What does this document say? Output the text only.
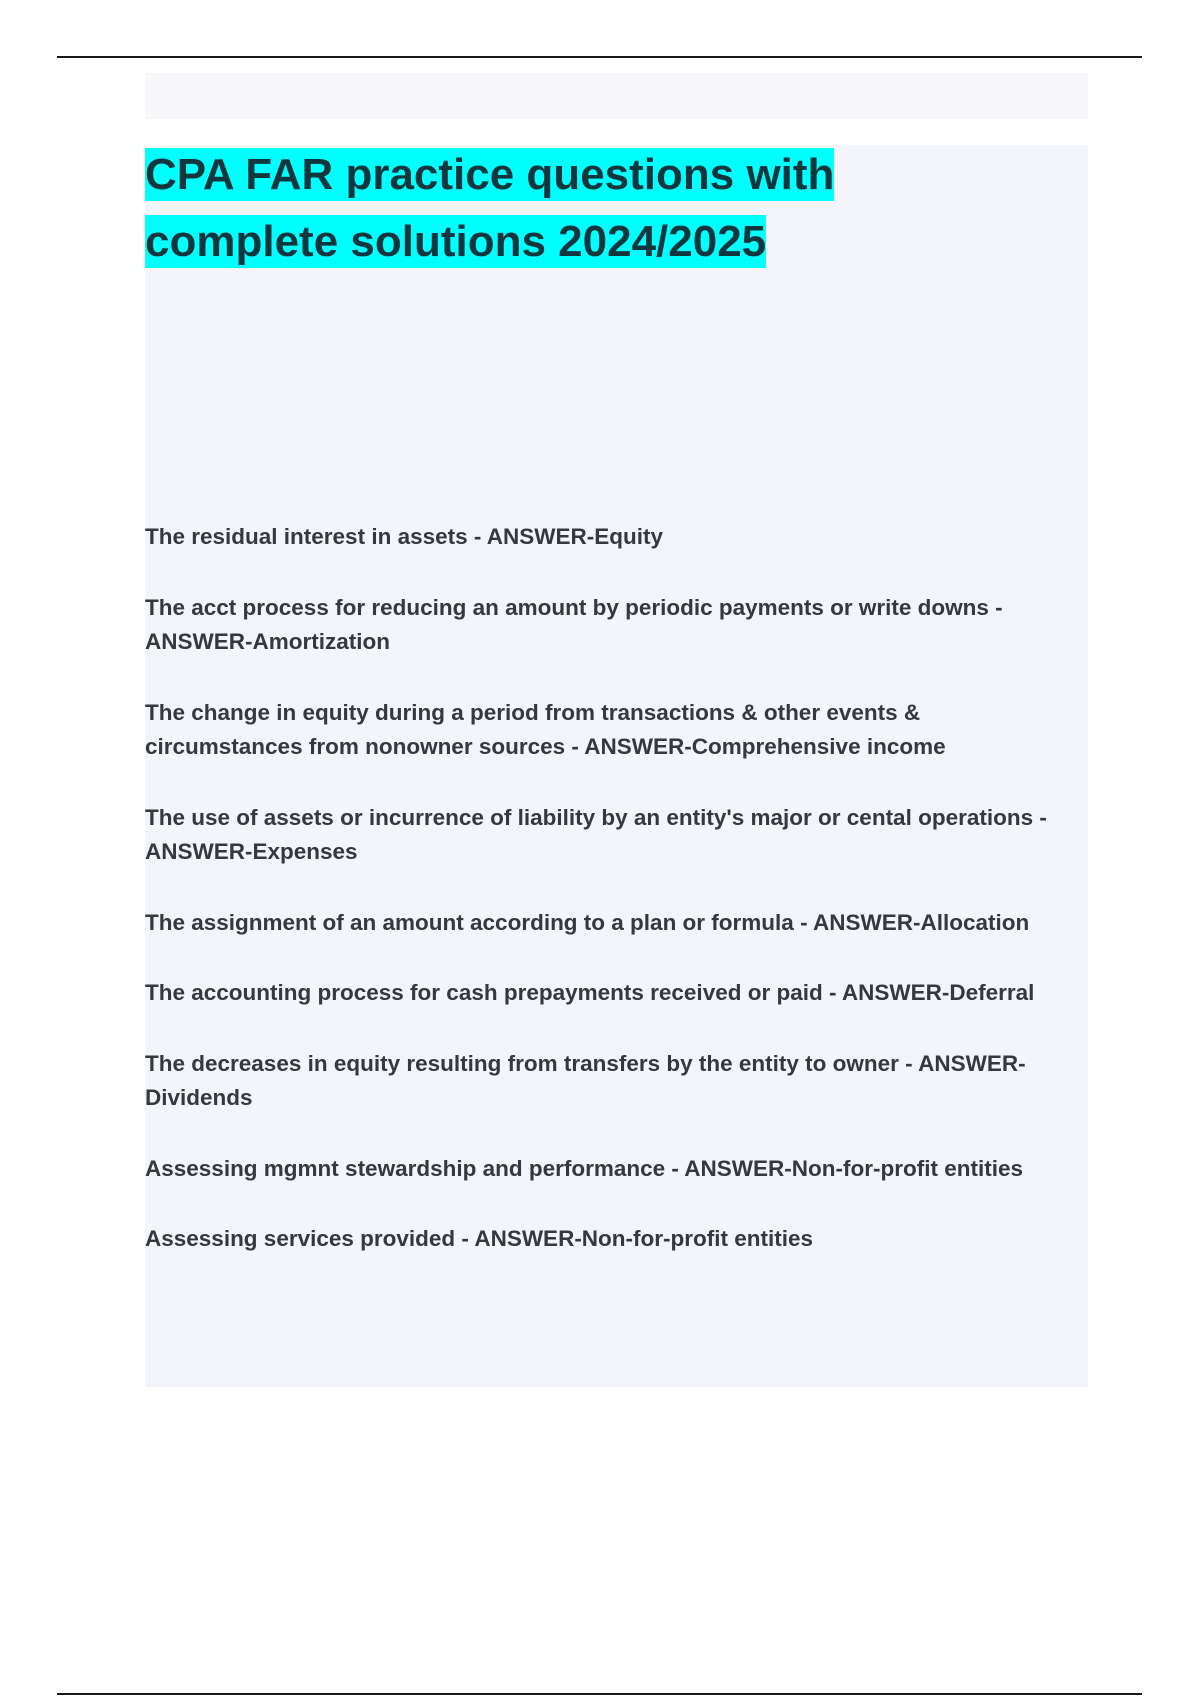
CPA FAR practice questions with
complete solutions 2024/2025
The residual interest in assets - ANSWER-Equity
The acct process for reducing an amount by periodic payments or write downs - ANSWER-Amortization
The change in equity during a period from transactions & other events & circumstances from nonowner sources - ANSWER-Comprehensive income
The use of assets or incurrence of liability by an entity's major or cental operations - ANSWER-Expenses
The assignment of an amount according to a plan or formula - ANSWER-Allocation
The accounting process for cash prepayments received or paid - ANSWER-Deferral
The decreases in equity resulting from transfers by the entity to owner - ANSWER-Dividends
Assessing mgmnt stewardship and performance - ANSWER-Non-for-profit entities
Assessing services provided - ANSWER-Non-for-profit entities
